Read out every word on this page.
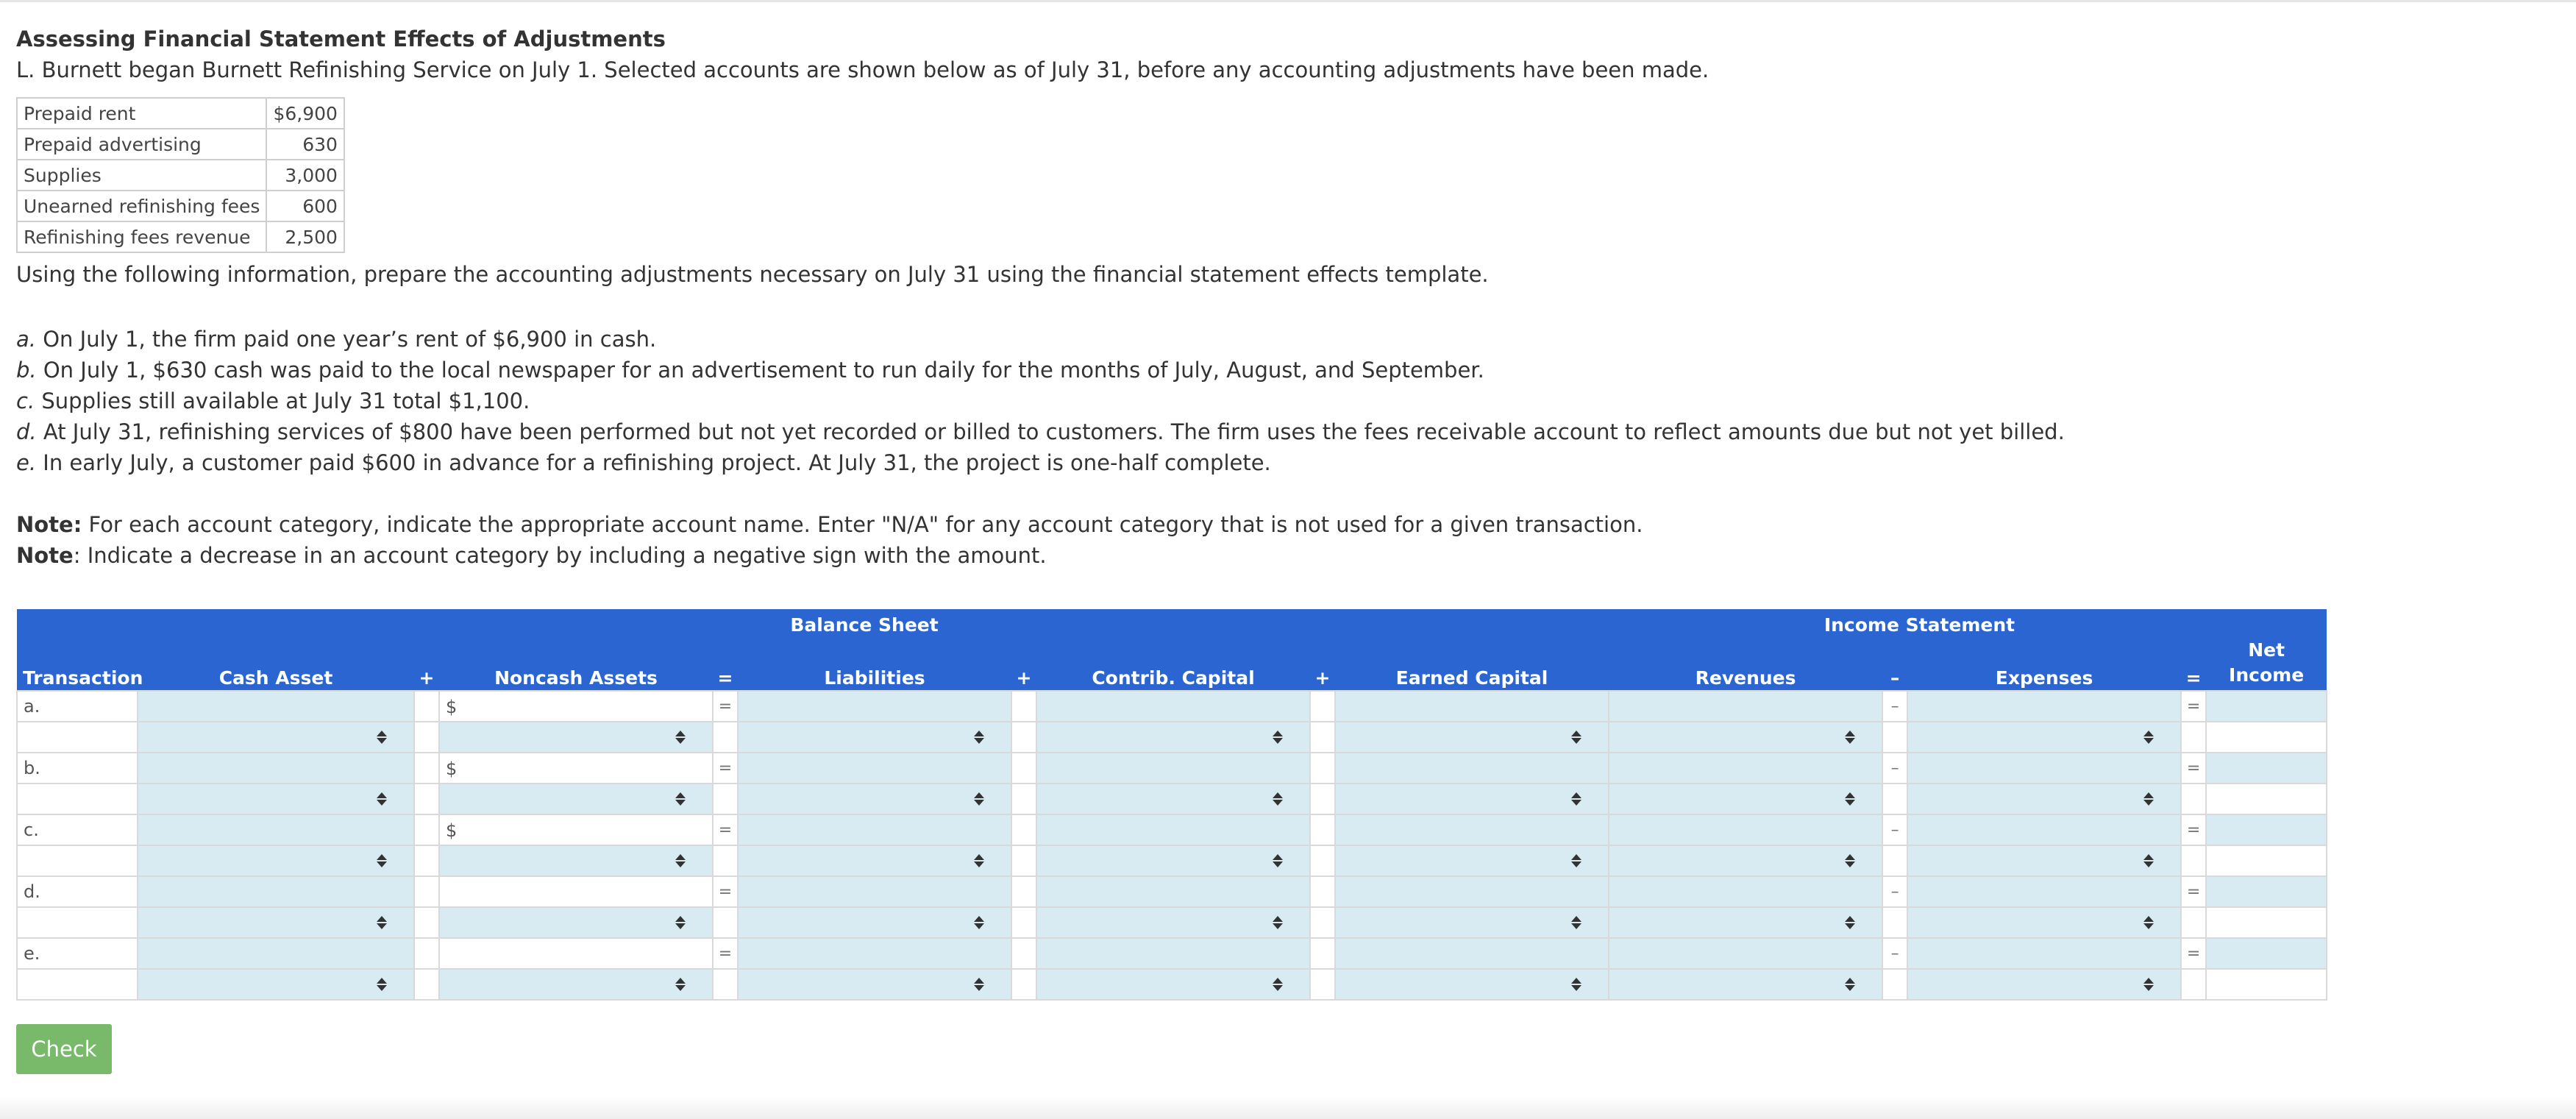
Assessing Financial Statement Effects of Adjustments
L. Burnett began Burnett Refinishing Service on July 1. Selected accounts are shown below as of July 31, before any accounting adjustments have been made.
Prepaid rent	$6,900
Prepaid advertising	630
Supplies	3,000
Unearned refinishing fees	600
Refinishing fees revenue	2,500
Using the following information, prepare the accounting adjustments necessary on July 31 using the financial statement effects template.
a. On July 1, the firm paid one year’s rent of $6,900 in cash.
b. On July 1, $630 cash was paid to the local newspaper for an advertisement to run daily for the months of July, August, and September.
c. Supplies still available at July 31 total $1,100.
d. At July 31, refinishing services of $800 have been performed but not yet recorded or billed to customers. The firm uses the fees receivable account to reflect amounts due but not yet billed.
e. In early July, a customer paid $600 in advance for a refinishing project. At July 31, the project is one-half complete.
Note: For each account category, indicate the appropriate account name. Enter "N/A" for any account category that is not used for a given transaction.
Note: Indicate a decrease in an account category by including a negative sign with the amount.
Balance Sheet										Income Statement				Net
Income
Transaction	Cash Asset	+	Noncash Assets	=	Liabilities	+	Contrib. Capital	+	Earned Capital	Revenues	–	Expenses	=	
a.			$	=							–		=	

b.			$	=							–		=	

c.			$	=							–		=	

d.				=							–		=	

e.				=							–		=	

Check
